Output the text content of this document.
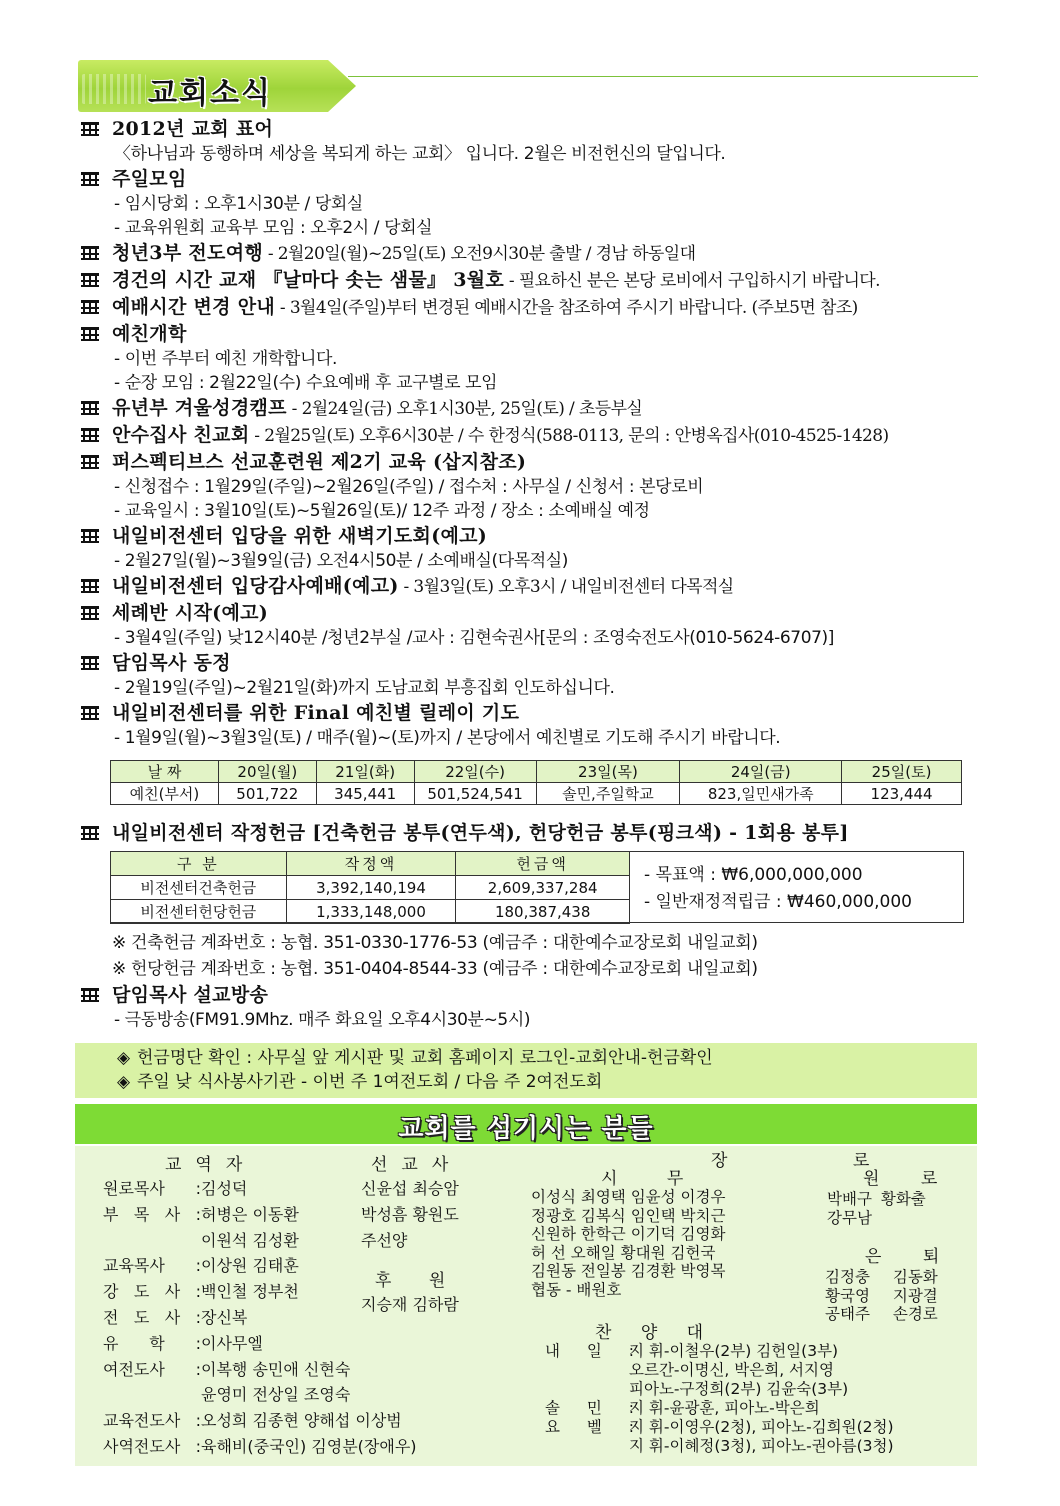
교회소식
2012년 교회 표어
〈하나님과 동행하며 세상을 복되게 하는 교회〉 입니다. 2월은 비전헌신의 달입니다.
주일모임
- 임시당회 : 오후1시30분 / 당회실
- 교육위원회 교육부 모임 : 오후2시 / 당회실
청년3부 전도여행 - 2월20일(월)~25일(토) 오전9시30분 출발 / 경남 하동일대
경건의 시간 교재 『날마다 솟는 샘물』 3월호 - 필요하신 분은 본당 로비에서 구입하시기 바랍니다.
예배시간 변경 안내 - 3월4일(주일)부터 변경된 예배시간을 참조하여 주시기 바랍니다. (주보5면 참조)
예친개학
- 이번 주부터 예친 개학합니다.
- 순장 모임 : 2월22일(수) 수요예배 후 교구별로 모임
유년부 겨울성경캠프 - 2월24일(금) 오후1시30분, 25일(토) / 초등부실
안수집사 친교회 - 2월25일(토) 오후6시30분 / 수 한정식(588-0113, 문의 : 안병옥집사(010-4525-1428)
퍼스펙티브스 선교훈련원 제2기 교육 (삽지참조)
- 신청접수 : 1월29일(주일)~2월26일(주일) / 접수처 : 사무실 / 신청서 : 본당로비
- 교육일시 : 3월10일(토)~5월26일(토)/ 12주 과정 / 장소 : 소예배실 예정
내일비전센터 입당을 위한 새벽기도회(예고)
- 2월27일(월)~3월9일(금) 오전4시50분 / 소예배실(다목적실)
내일비전센터 입당감사예배(예고) - 3월3일(토) 오후3시 / 내일비전센터 다목적실
세례반 시작(예고)
- 3월4일(주일) 낮12시40분 /청년2부실 /교사 : 김현숙권사[문의 : 조영숙전도사(010-5624-6707)]
담임목사 동정
- 2월19일(주일)~2월21일(화)까지 도남교회 부흥집회 인도하십니다.
내일비전센터를 위한 Final 예친별 릴레이 기도
- 1월9일(월)~3월3일(토) / 매주(월)~(토)까지 / 본당에서 예친별로 기도해 주시기 바랍니다.
날 짜	20일(월)	21일(화)	22일(수)	23일(목)	24일(금)	25일(토)
예친(부서)	501,722	345,441	501,524,541	솔민,주일학교	823,일민새가족	123,444
내일비전센터 작정헌금 [건축헌금 봉투(연두색), 헌당헌금 봉투(핑크색) - 1회용 봉투]
구 분	작정액	헌금액
비전센터건축헌금	3,392,140,194	2,609,337,284
비전센터헌당헌금	1,333,148,000	180,387,438
- 목표액 : ₩6,000,000,000
- 일반재정적립금 : ₩460,000,000
※ 건축헌금 계좌번호 : 농협. 351-0330-1776-53 (예금주 : 대한예수교장로회 내일교회)
※ 헌당헌금 계좌번호 : 농협. 351-0404-8544-33 (예금주 : 대한예수교장로회 내일교회)
담임목사 설교방송
- 극동방송(FM91.9Mhz. 매주 화요일 오후4시30분~5시)
◈ 헌금명단 확인 : 사무실 앞 게시판 및 교회 홈페이지 로그인-교회안내-헌금확인
◈ 주일 낮 식사봉사기관 - 이번 주 1여전도회 / 다음 주 2여전도회
교회를 섬기시는 분들
교역자
원로목사 :김성덕
부 목 사 :허병은 이동환
이원석 김성환
교육목사 :이상원 김태훈
강 도 사 :백인철 정부천
전 도 사 :장신복
유 학 :이사무엘
여전도사 :이복행 송민애 신현숙
윤영미 전상일 조영숙
교육전도사 :오성희 김종현 양해섭 이상범
사역전도사 :육해비(중국인) 김영분(장애우)
선교사
신윤섭 최승암
박성흠 황원도
주선양
후 원
지승재 김하람
장 로
시 무
이성식 최영택 임윤성 이경우
정광호 김복식 임인택 박치근
신원하 한학근 이기덕 김영화
허 선 오해일 황대원 김헌국
김원동 전일봉 김경환 박영목
협동 - 배원호
원 로
박배구 황화출
강무남
은 퇴
김정충 김동화
황국영 지광결
공태주 손경로
찬 양 대
내 일 :지 휘-이철우(2부) 김헌일(3부)
오르간-이명신, 박은희, 서지영
피아노-구정희(2부) 김윤숙(3부)
솔 민 :지 휘-윤광훈, 피아노-박은희
요 벨 :지 휘-이영우(2청), 피아노-김희원(2청)
지 휘-이혜정(3청), 피아노-권아름(3청)
